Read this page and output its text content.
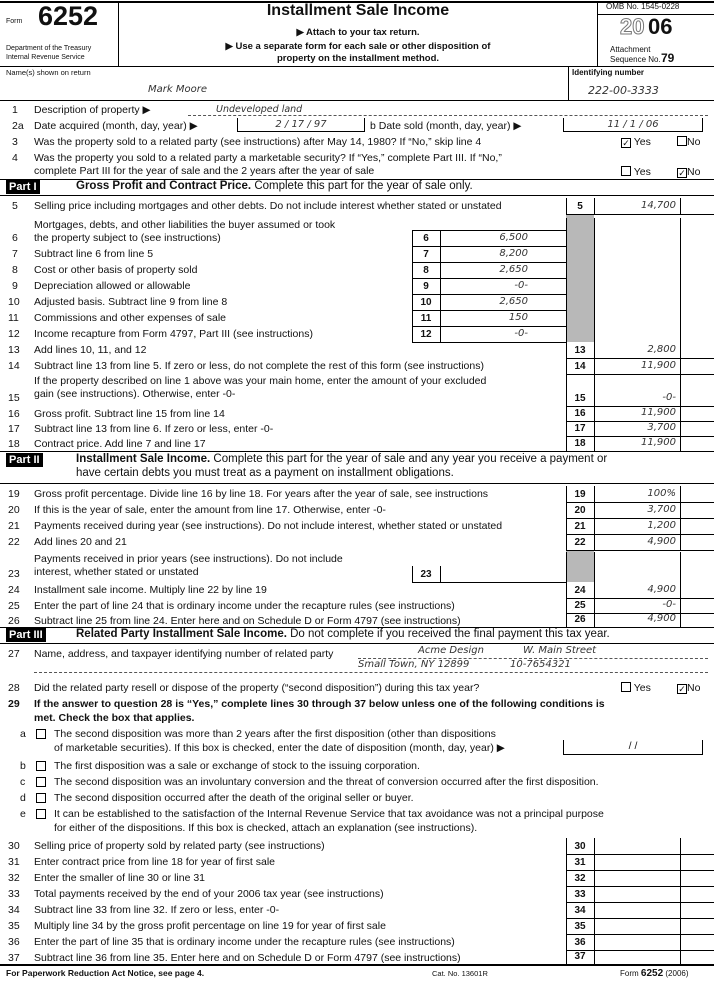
Form 6252
Department of the Treasury
Internal Revenue Service
Installment Sale Income
▶ Attach to your tax return.
▶ Use a separate form for each sale or other disposition of
property on the installment method.
OMB No. 1545-0228
20 06
Attachment
Sequence No. 79
Name(s) shown on return
Mark Moore
Identifying number
222-00-3333
1 Description of property ▶	Undeveloped land
2a Date acquired (month, day, year) ▶	2 / 17 / 97	b Date sold (month, day, year) ▶	11 / 1 / 06
3 Was the property sold to a related party (see instructions) after May 14, 1980? If “No,” skip line 4	✓ Yes	No
4 Was the property you sold to a related party a marketable security? If “Yes,” complete Part III. If “No,”
complete Part III for the year of sale and the 2 years after the year of sale	Yes	✓No
Part I	Gross Profit and Contract Price. Complete this part for the year of sale only.
Part II	Installment Sale Income. Complete this part for the year of sale and any year you receive a payment or
have certain debts you must treat as a payment on installment obligations.
Part III	Related Party Installment Sale Income. Do not complete if you received the final payment this tax year.
27 Name, address, and taxpayer identifying number of related party	Acme Design	W. Main Street
Small Town, NY 12899	10-7654321
28 Did the related party resell or dispose of the property (“second disposition”) during this tax year?	Yes	✓No
29 If the answer to question 28 is “Yes,” complete lines 30 through 37 below unless one of the following conditions is
met. Check the box that applies.
/ /
5 Selling price including mortgages and other debts. Do not include interest whether stated or unstated	5	14,700
6
Mortgages, debts, and other liabilities the buyer assumed or took
the property subject to (see instructions)	6	6,500
7 Subtract line 6 from line 5	7	8,200
8 Cost or other basis of property sold	8	2,650
9 Depreciation allowed or allowable	9	-0-
10 Adjusted basis. Subtract line 9 from line 8	10	2,650
11 Commissions and other expenses of sale	11	150
12 Income recapture from Form 4797, Part III (see instructions)	12	-0-
13 Add lines 10, 11, and 12	13	2,800
14 Subtract line 13 from line 5. If zero or less, do not complete the rest of this form (see instructions)	14	11,900
15
If the property described on line 1 above was your main home, enter the amount of your excluded
gain (see instructions). Otherwise, enter -0-	15	-0-
16 Gross profit. Subtract line 15 from line 14	16	11,900
17 Subtract line 13 from line 6. If zero or less, enter -0-	17	3,700
18 Contract price. Add line 7 and line 17	18	11,900
19 Gross profit percentage. Divide line 16 by line 18. For years after the year of sale, see instructions	19	100%
20 If this is the year of sale, enter the amount from line 17. Otherwise, enter -0-	20	3,700
21 Payments received during year (see instructions). Do not include interest, whether stated or unstated	21	1,200
22 Add lines 20 and 21	22	4,900
23
Payments received in prior years (see instructions). Do not include
interest, whether stated or unstated	23
24 Installment sale income. Multiply line 22 by line 19	24	4,900
25 Enter the part of line 24 that is ordinary income under the recapture rules (see instructions)	25	-0-
26 Subtract line 25 from line 24. Enter here and on Schedule D or Form 4797 (see instructions)	26	4,900
30 Selling price of property sold by related party (see instructions)	30
31 Enter contract price from line 18 for year of first sale	31
32 Enter the smaller of line 30 or line 31	32
33 Total payments received by the end of your 2006 tax year (see instructions)	33
34 Subtract line 33 from line 32. If zero or less, enter -0-	34
35 Multiply line 34 by the gross profit percentage on line 19 for year of first sale	35
36 Enter the part of line 35 that is ordinary income under the recapture rules (see instructions)	36
37 Subtract line 36 from line 35. Enter here and on Schedule D or Form 4797 (see instructions)	37
a	The second disposition was more than 2 years after the first disposition (other than dispositions
of marketable securities). If this box is checked, enter the date of disposition (month, day, year) ▶
b	The first disposition was a sale or exchange of stock to the issuing corporation.
c	The second disposition was an involuntary conversion and the threat of conversion occurred after the first disposition.
d	The second disposition occurred after the death of the original seller or buyer.
e	It can be established to the satisfaction of the Internal Revenue Service that tax avoidance was not a principal purpose
for either of the dispositions. If this box is checked, attach an explanation (see instructions).
For Paperwork Reduction Act Notice, see page 4.	Cat. No. 13601R	Form 6252 (2006)
